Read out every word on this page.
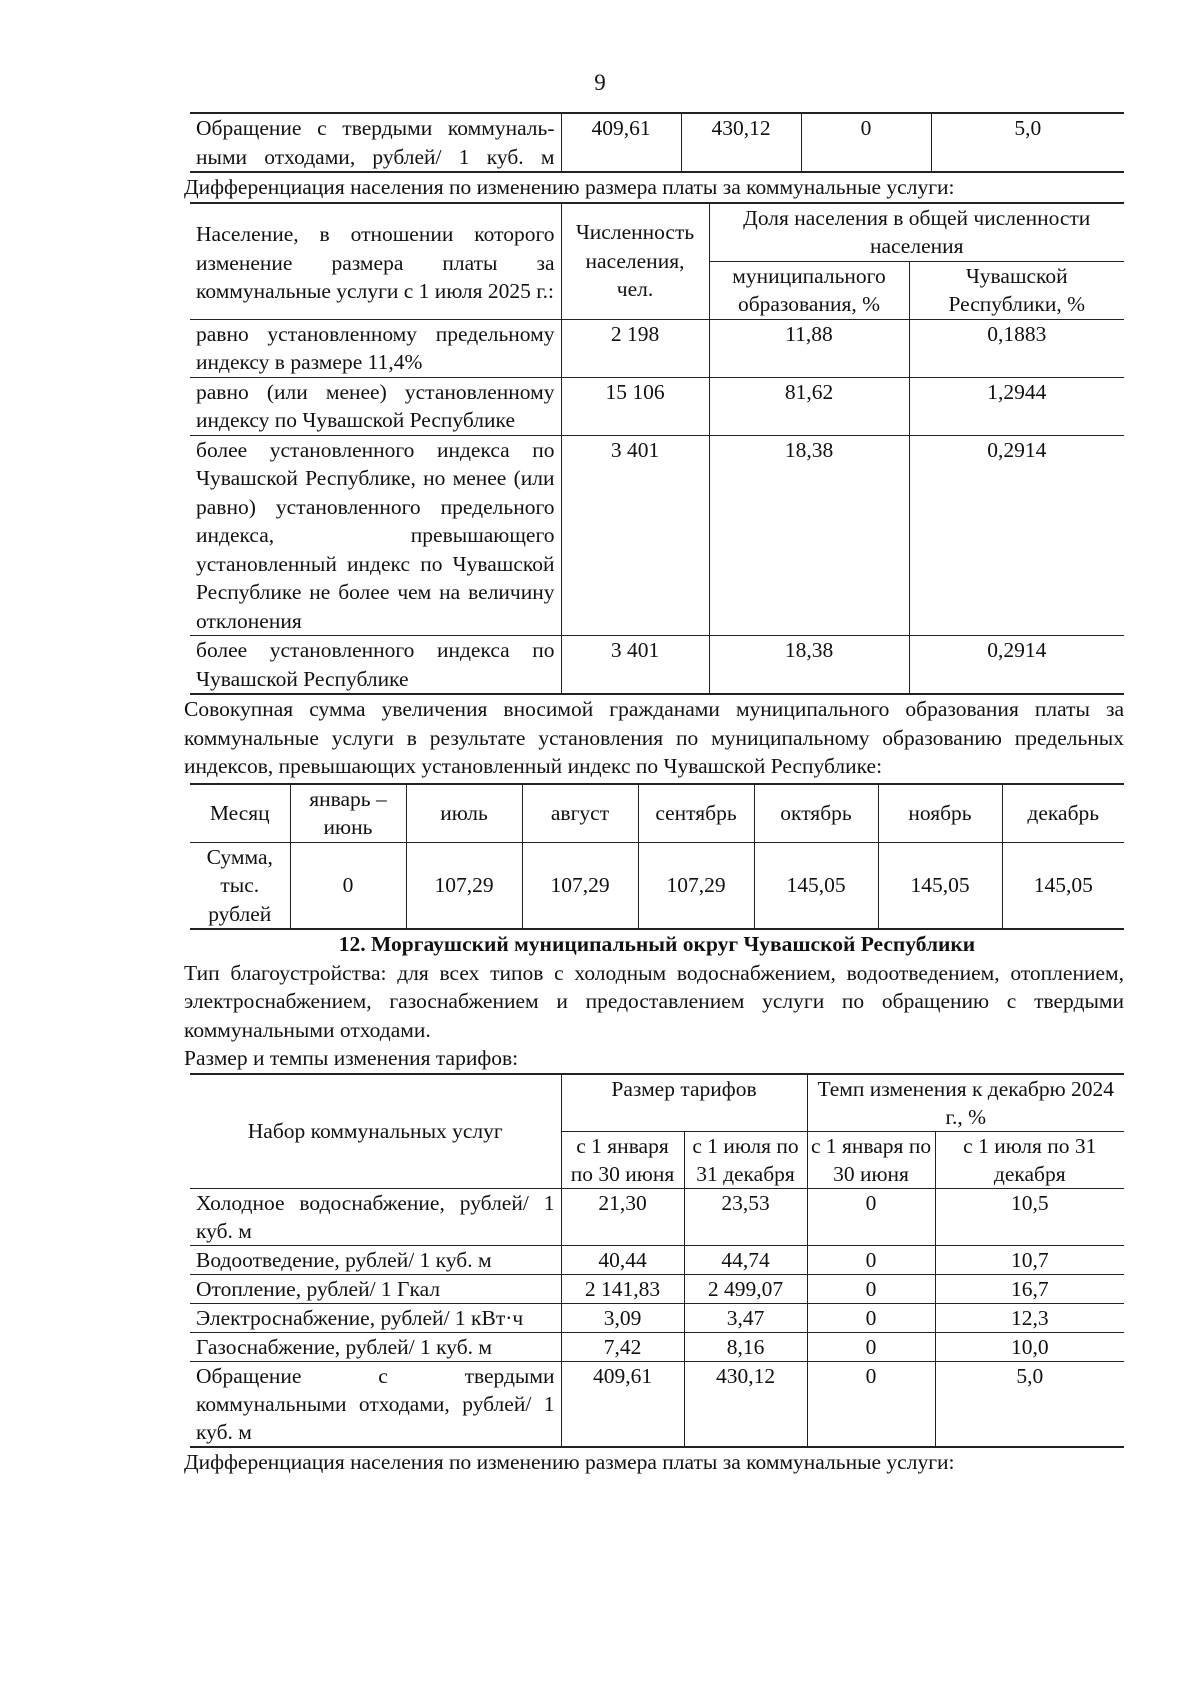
9
Обращение с твердыми коммуналь-
ными отходами, рублей/ 1 куб. м	409,61	430,12	0	5,0
Дифференциация населения по изменению размера платы за коммунальные услуги:
Население, в отношении которого изменение размера платы за коммунальные услуги с 1 июля 2025 г.:	Численность населения, чел.	Доля населения в общей численности населения	
		муниципального образования, %	Чувашской Республики, %
равно установленному предельному индексу в размере 11,4%	2 198	11,88	0,1883
равно (или менее) установленному индексу по Чувашской Республике	15 106	81,62	1,2944
более установленного индекса по Чувашской Республике, но менее (или равно) установленного предельного индекса, превышающего установленный индекс по Чувашской Республике не более чем на величину отклонения	3 401	18,38	0,2914
более установленного индекса по Чувашской Республике	3 401	18,38	0,2914
Совокупная сумма увеличения вносимой гражданами муниципального образования платы за коммунальные услуги в результате установления по муниципальному образованию предельных индексов, превышающих установленный индекс по Чувашской Республике:
Месяц	январь – июнь	июль	август	сентябрь	октябрь	ноябрь	декабрь
Сумма, тыс. рублей	0	107,29	107,29	107,29	145,05	145,05	145,05
12. Моргаушский муниципальный округ Чувашской Республики
Тип благоустройства: для всех типов с холодным водоснабжением, водоотведением, отоплением, электроснабжением, газоснабжением и предоставлением услуги по обращению с твердыми коммунальными отходами.
Размер и темпы изменения тарифов:
Набор коммунальных услуг	Размер тарифов		Темп изменения к декабрю 2024 г., %	
	с 1 января по 30 июня	с 1 июля по 31 декабря	с 1 января по 30 июня	с 1 июля по 31 декабря
Холодное водоснабжение, рублей/ 1 куб. м	21,30	23,53	0	10,5
Водоотведение, рублей/ 1 куб. м	40,44	44,74	0	10,7
Отопление, рублей/ 1 Гкал	2 141,83	2 499,07	0	16,7
Электроснабжение, рублей/ 1 кВт·ч	3,09	3,47	0	12,3
Газоснабжение, рублей/ 1 куб. м	7,42	8,16	0	10,0
Обращение с твердыми коммунальными отходами, рублей/ 1 куб. м	409,61	430,12	0	5,0
Дифференциация населения по изменению размера платы за коммунальные услуги:
